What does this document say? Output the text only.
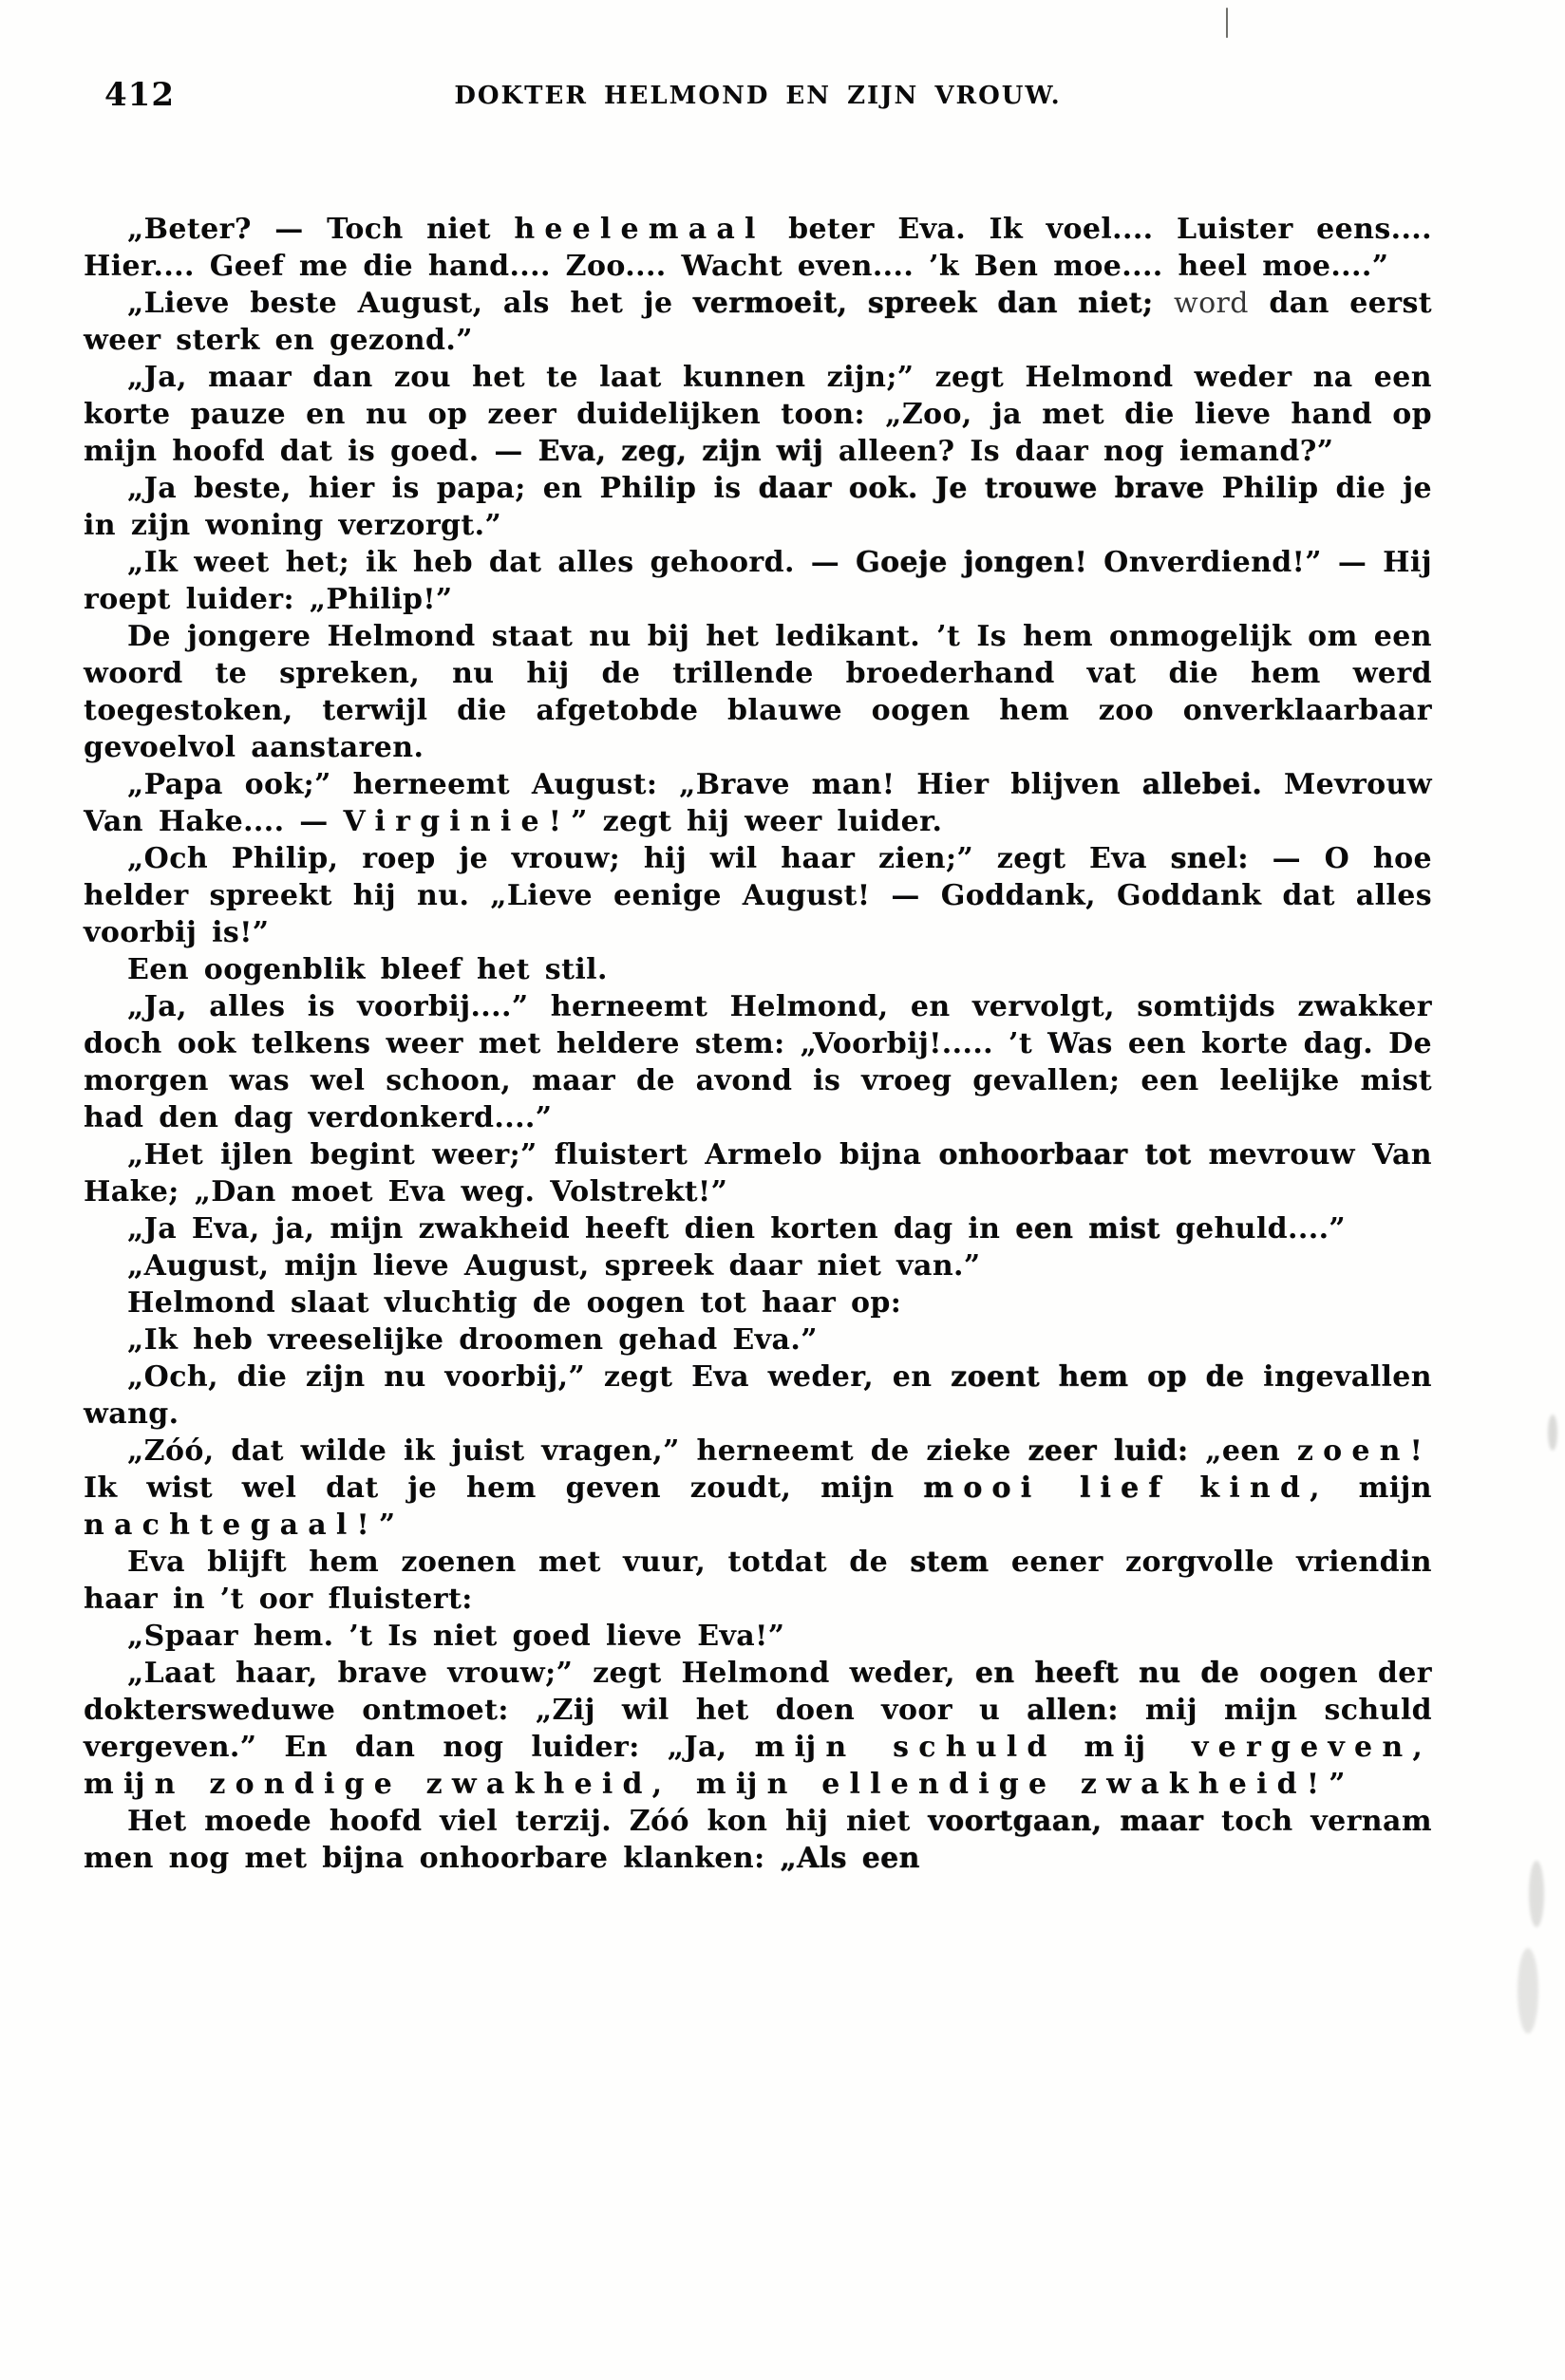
412	DOKTER HELMOND EN ZIJN VROUW.

„Beter? — Toch niet heelemaal beter Eva. Ik voel.... Luister eens.... Hier.... Geef me die hand.... Zoo.... Wacht even.... ’k Ben moe.... heel moe....”

„Lieve beste August, als het je vermoeit, spreek dan niet; word dan eerst weer sterk en gezond.”

„Ja, maar dan zou het te laat kunnen zijn;” zegt Helmond weder na een korte pauze en nu op zeer duidelijken toon: „Zoo, ja met die lieve hand op mijn hoofd dat is goed. — Eva, zeg, zijn wij alleen? Is daar nog iemand?”

„Ja beste, hier is papa; en Philip is daar ook. Je trouwe brave Philip die je in zijn woning verzorgt.”

„Ik weet het; ik heb dat alles gehoord. — Goeje jongen! Onverdiend!” — Hij roept luider: „Philip!”

De jongere Helmond staat nu bij het ledikant. ’t Is hem onmogelijk om een woord te spreken, nu hij de trillende broederhand vat die hem werd toegestoken, terwijl die afgetobde blauwe oogen hem zoo onverklaarbaar gevoelvol aanstaren.

„Papa ook;” herneemt August: „Brave man! Hier blijven allebei. Mevrouw Van Hake.... — Virginie!” zegt hij weer luider.

„Och Philip, roep je vrouw; hij wil haar zien;” zegt Eva snel: — O hoe helder spreekt hij nu. „Lieve eenige August! — Goddank, Goddank dat alles voorbij is!”

Een oogenblik bleef het stil.

„Ja, alles is voorbij....” herneemt Helmond, en vervolgt, somtijds zwakker doch ook telkens weer met heldere stem: „Voorbij!..... ’t Was een korte dag. De morgen was wel schoon, maar de avond is vroeg gevallen; een leelijke mist had den dag verdonkerd....”

„Het ijlen begint weer;” fluistert Armelo bijna onhoorbaar tot mevrouw Van Hake; „Dan moet Eva weg. Volstrekt!”

„Ja Eva, ja, mijn zwakheid heeft dien korten dag in een mist gehuld....”

„August, mijn lieve August, spreek daar niet van.”

Helmond slaat vluchtig de oogen tot haar op:

„Ik heb vreeselijke droomen gehad Eva.”

„Och, die zijn nu voorbij,” zegt Eva weder, en zoent hem op de ingevallen wang.

„Zóó, dat wilde ik juist vragen,” herneemt de zieke zeer luid: „een zoen! Ik wist wel dat je hem geven zoudt, mijn mooi lief kind, mijn nachtegaal!”

Eva blijft hem zoenen met vuur, totdat de stem eener zorgvolle vriendin haar in ’t oor fluistert:

„Spaar hem. ’t Is niet goed lieve Eva!”

„Laat haar, brave vrouw;” zegt Helmond weder, en heeft nu de oogen der doktersweduwe ontmoet: „Zij wil het doen voor u allen: mij mijn schuld vergeven.” En dan nog luider: „Ja, mĳn schuld mĳ vergeven, mĳn zondige zwakheid, mĳn ellendige zwakheid!”

Het moede hoofd viel terzij. Zóó kon hij niet voortgaan, maar toch vernam men nog met bijna onhoorbare klanken: „Als een
